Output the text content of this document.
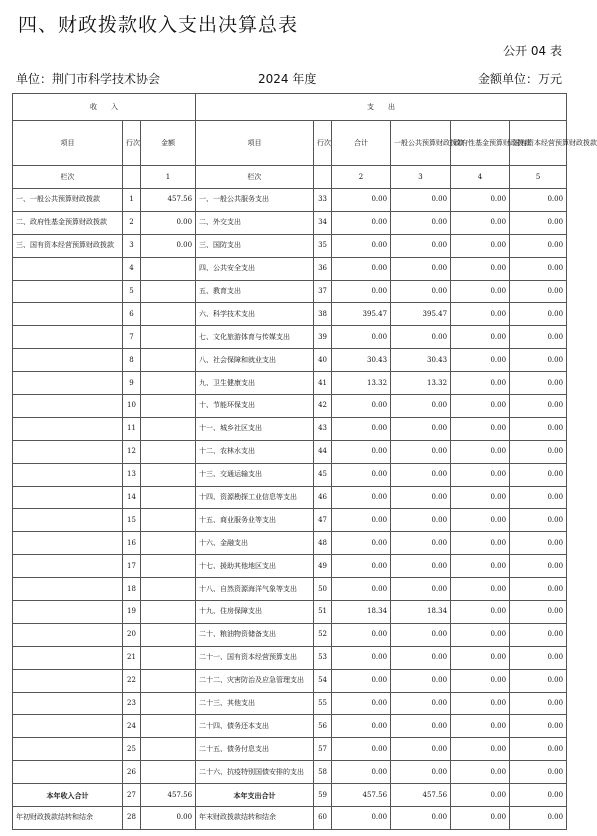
四、财政拨款收入支出决算总表
公开 04 表
单位：荆门市科学技术协会	2024 年度	金额单位：万元
收　　入			支　　出					
项目	行次	金额	项目	行次	合计	一般公共预算财政拨款	政府性基金预算财政拨款	国有资本经营预算财政拨款
栏次		1	栏次		2	3	4	5
一、一般公共预算财政拨款	1	457.56	一、一般公共服务支出	33	0.00	0.00	0.00	0.00
二、政府性基金预算财政拨款	2	0.00	二、外交支出	34	0.00	0.00	0.00	0.00
三、国有资本经营预算财政拨款	3	0.00	三、国防支出	35	0.00	0.00	0.00	0.00
	4		四、公共安全支出	36	0.00	0.00	0.00	0.00
	5		五、教育支出	37	0.00	0.00	0.00	0.00
	6		六、科学技术支出	38	395.47	395.47	0.00	0.00
	7		七、文化旅游体育与传媒支出	39	0.00	0.00	0.00	0.00
	8		八、社会保障和就业支出	40	30.43	30.43	0.00	0.00
	9		九、卫生健康支出	41	13.32	13.32	0.00	0.00
	10		十、节能环保支出	42	0.00	0.00	0.00	0.00
	11		十一、城乡社区支出	43	0.00	0.00	0.00	0.00
	12		十二、农林水支出	44	0.00	0.00	0.00	0.00
	13		十三、交通运输支出	45	0.00	0.00	0.00	0.00
	14		十四、资源勘探工业信息等支出	46	0.00	0.00	0.00	0.00
	15		十五、商业服务业等支出	47	0.00	0.00	0.00	0.00
	16		十六、金融支出	48	0.00	0.00	0.00	0.00
	17		十七、援助其他地区支出	49	0.00	0.00	0.00	0.00
	18		十八、自然资源海洋气象等支出	50	0.00	0.00	0.00	0.00
	19		十九、住房保障支出	51	18.34	18.34	0.00	0.00
	20		二十、粮油物资储备支出	52	0.00	0.00	0.00	0.00
	21		二十一、国有资本经营预算支出	53	0.00	0.00	0.00	0.00
	22		二十二、灾害防治及应急管理支出	54	0.00	0.00	0.00	0.00
	23		二十三、其他支出	55	0.00	0.00	0.00	0.00
	24		二十四、债务还本支出	56	0.00	0.00	0.00	0.00
	25		二十五、债务付息支出	57	0.00	0.00	0.00	0.00
	26		二十六、抗疫特别国债安排的支出	58	0.00	0.00	0.00	0.00
本年收入合计	27	457.56	本年支出合计	59	457.56	457.56	0.00	0.00
年初财政拨款结转和结余	28	0.00	年末财政拨款结转和结余	60	0.00	0.00	0.00	0.00
